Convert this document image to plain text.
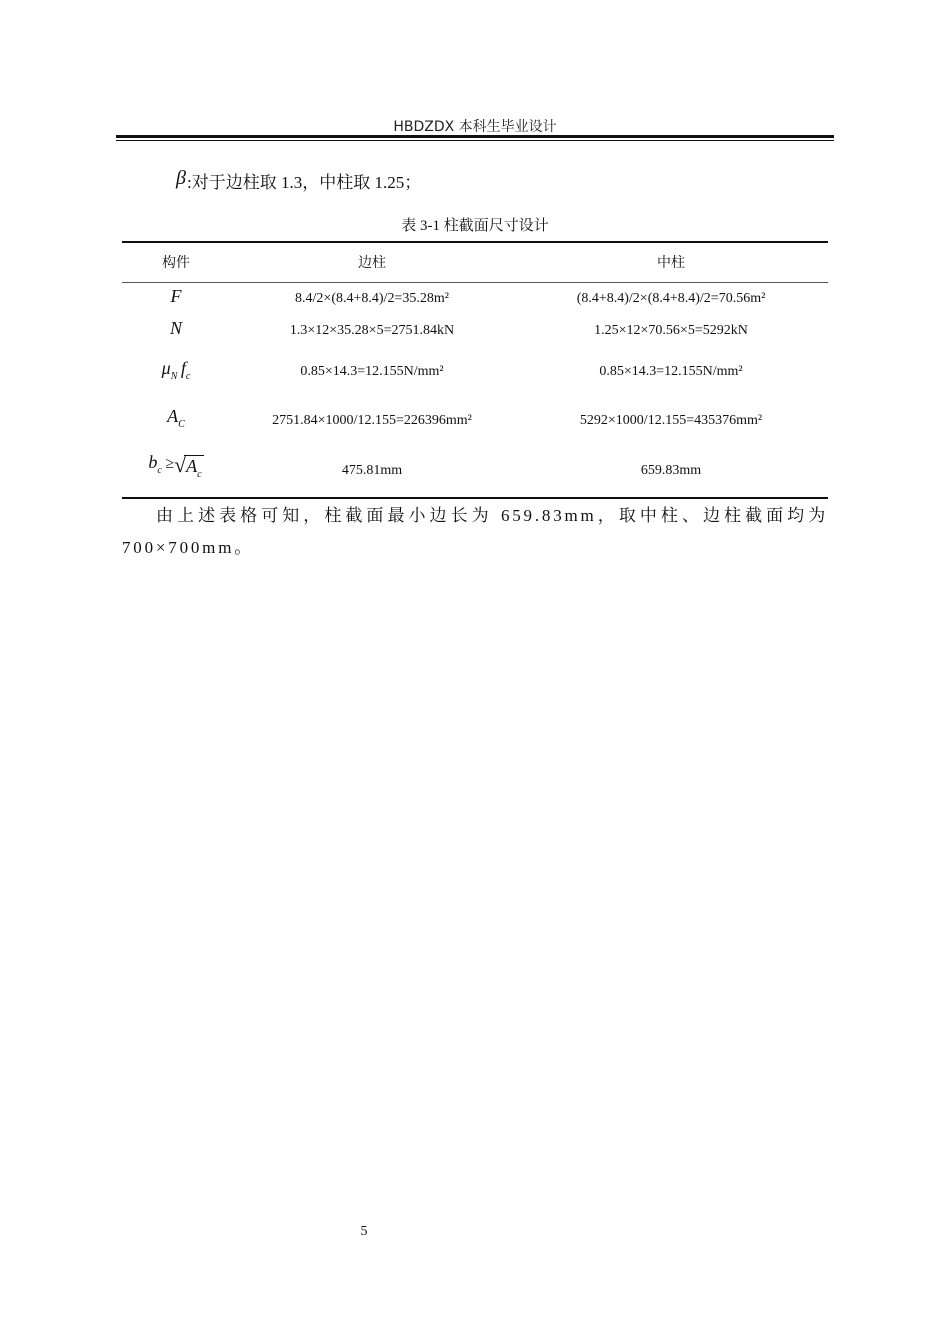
HBDZDX 本科生毕业设计
β:对于边柱取 1.3，中柱取 1.25；
表 3-1 柱截面尺寸设计
构件	边柱	中柱
F	8.4/2×(8.4+8.4)/2=35.28m²	(8.4+8.4)/2×(8.4+8.4)/2=70.56m²
N	1.3×12×35.28×5=2751.84kN	1.25×12×70.56×5=5292kN
$\mu_N$ $f_c$	0.85×14.3=12.155N/mm²	0.85×14.3=12.155N/mm²
$A_C$	2751.84×1000/12.155=226396mm²	5292×1000/12.155=435376mm²
$b_c \ge√A_c$	475.81mm	659.83mm
由上述表格可知，柱截面最小边长为 659.83mm，取中柱、边柱截面均为 700×700mm。
5
